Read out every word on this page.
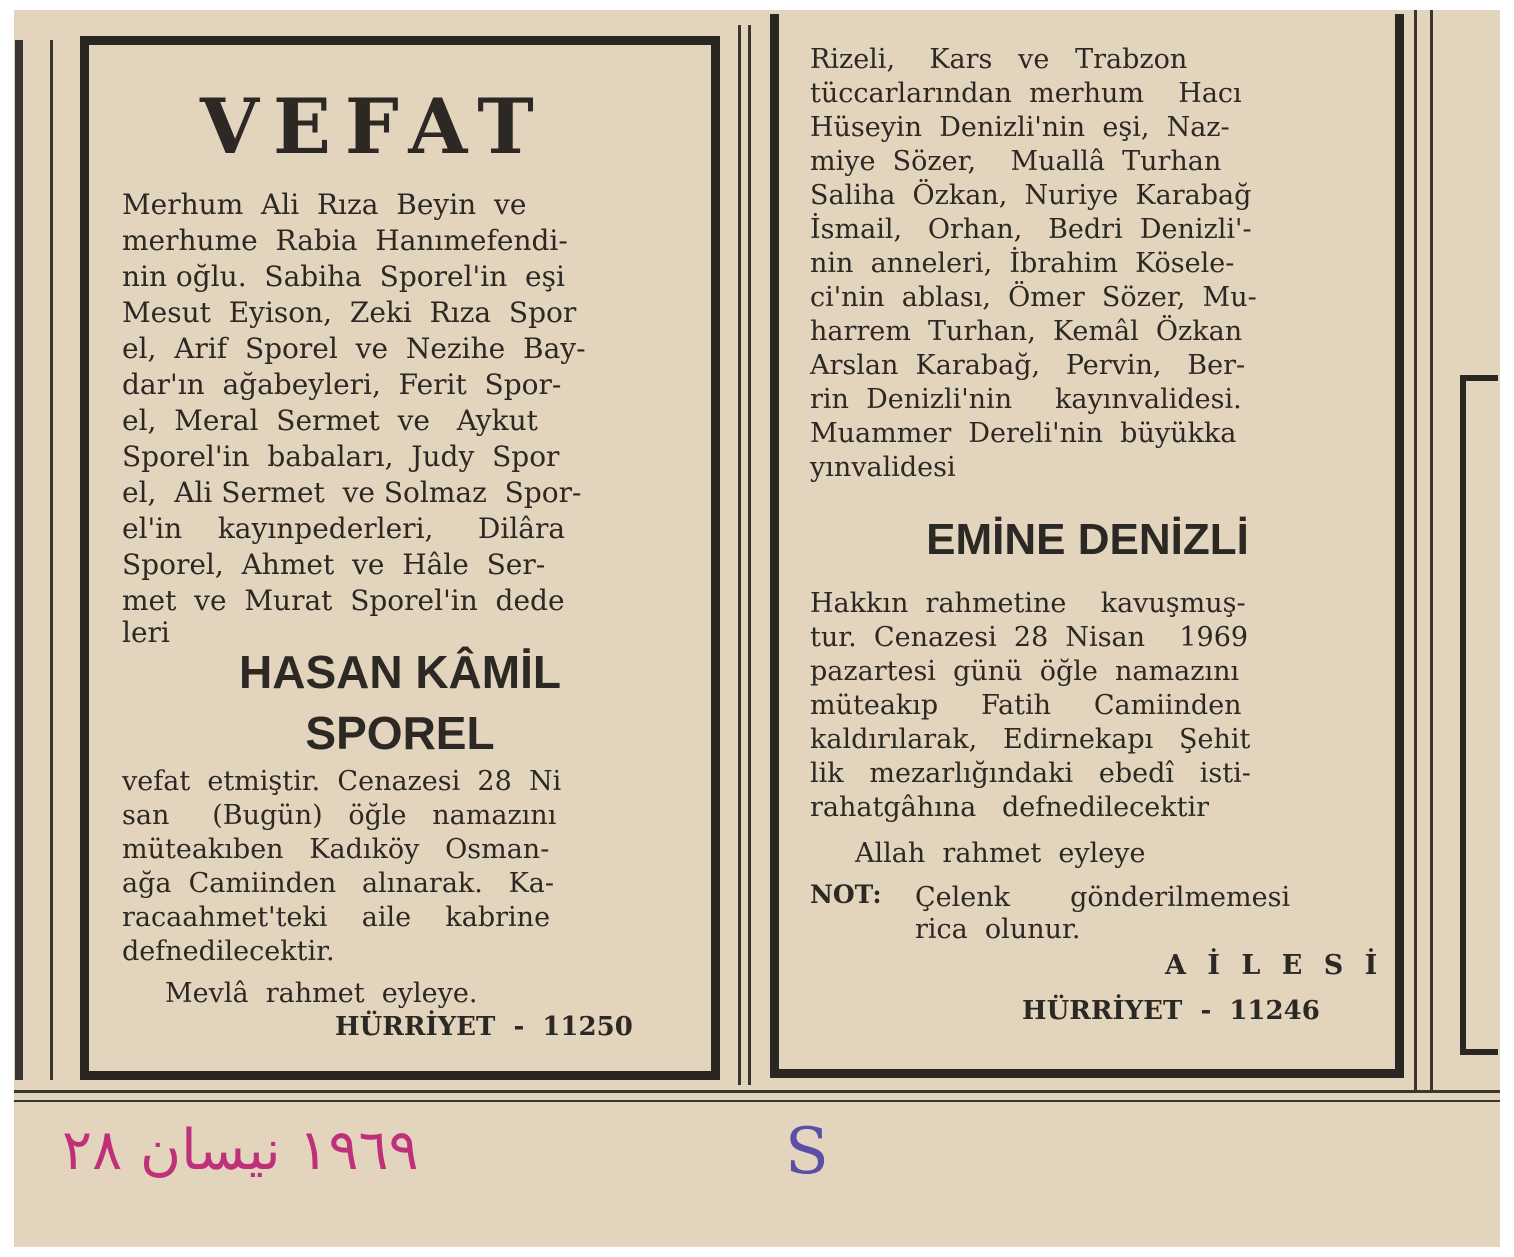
VEFAT
Merhum  Ali  Rıza  Beyin  ve
merhume  Rabia  Hanımefendi-
nin oğlu.  Sabiha  Sporel'in  eşi
Mesut  Eyison,  Zeki  Rıza  Spor
el,  Arif  Sporel  ve  Nezihe  Bay-
dar'ın  ağabeyleri,  Ferit  Spor-
el,  Meral  Sermet  ve   Aykut
Sporel'in  babaları,  Judy  Spor
el,  Ali Sermet  ve Solmaz  Spor-
el'in    kayınpederleri,     Dilâra
Sporel,  Ahmet  ve  Hâle  Ser-
met  ve  Murat  Sporel'in  dede
leri
HASAN KÂMİL
SPOREL
vefat  etmiştir.  Cenazesi  28  Ni
san     (Bugün)   öğle   namazını
müteakıben   Kadıköy   Osman-
ağa  Camiinden   alınarak.   Ka-
racaahmet'teki    aile    kabrine
defnedilecektir.
Mevlâ  rahmet  eyleye.
HÜRRİYET  -  11250
Rizeli,    Kars   ve   Trabzon
tüccarlarından  merhum    Hacı
Hüseyin  Denizli'nin  eşi,  Naz-
miye  Sözer,    Muallâ  Turhan
Saliha  Özkan,  Nuriye  Karabağ
İsmail,   Orhan,   Bedri  Denizli'-
nin  anneleri,  İbrahim  Kösele-
ci'nin  ablası,  Ömer  Sözer,  Mu-
harrem  Turhan,  Kemâl  Özkan
Arslan  Karabağ,   Pervin,   Ber-
rin  Denizli'nin     kayınvalidesi.
Muammer  Dereli'nin  büyükka
yınvalidesi
EMİNE DENİZLİ
Hakkın  rahmetine    kavuşmuş-
tur.  Cenazesi  28  Nisan    1969
pazartesi  günü  öğle  namazını
müteakıp     Fatih     Camiinden
kaldırılarak,   Edirnekapı   Şehit
lik   mezarlığındaki   ebedî   isti-
rahatgâhına   defnedilecektir
Allah  rahmet  eyleye
NOT: Çelenk       gönderilmemesi
rica  olunur.
A İ L E S İ
HÜRRİYET  -  11246
١٩٦٩ نيسان ٢٨	S
